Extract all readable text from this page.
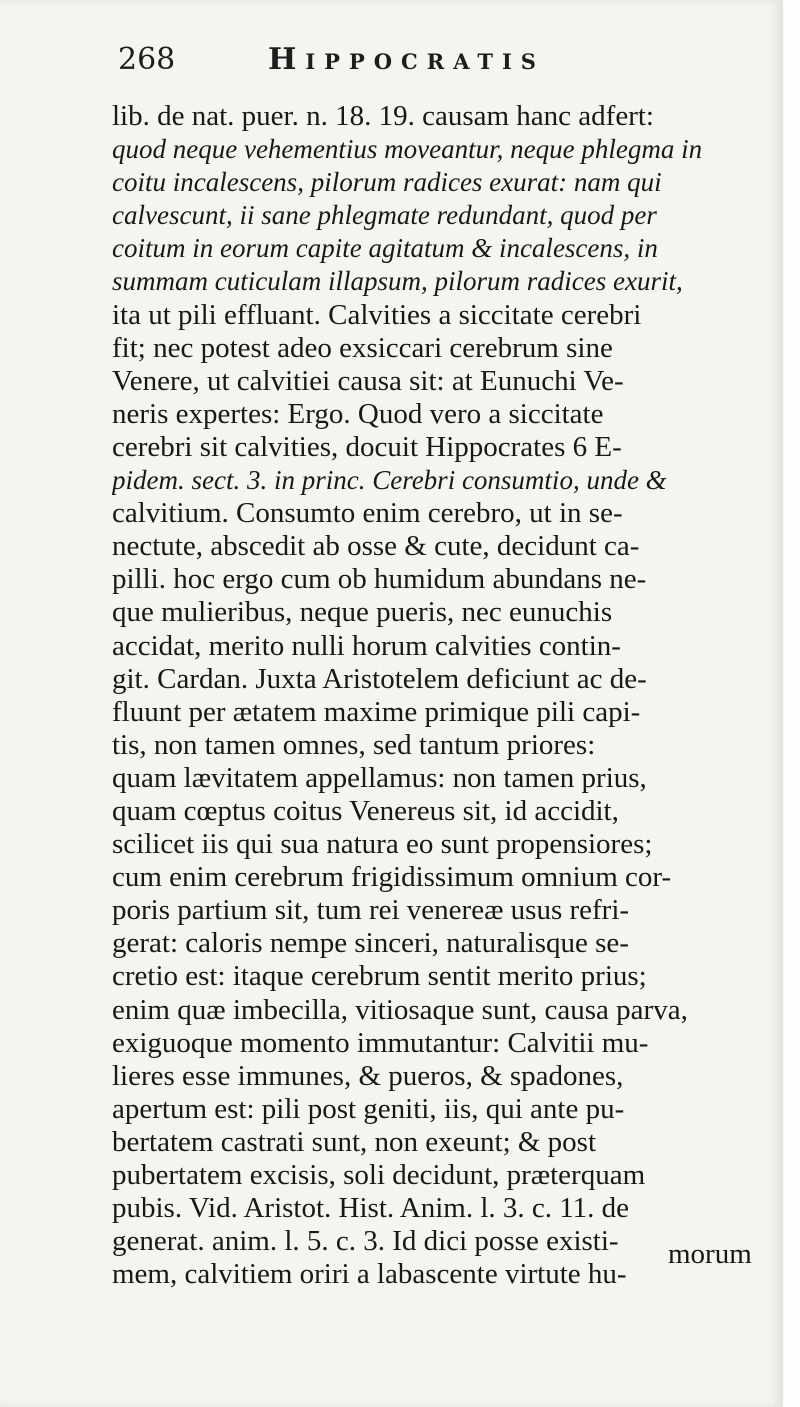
268	Hippocratis
lib. de nat. puer. n. 18. 19. causam hanc adfert:
quod neque vehementius moveantur, neque phlegma in
coitu incalescens, pilorum radices exurat: nam qui
calvescunt, ii sane phlegmate redundant, quod per
coitum in eorum capite agitatum & incalescens, in
summam cuticulam illapsum, pilorum radices exurit,
ita ut pili effluant. Calvities a siccitate cerebri
fit; nec potest adeo exsiccari cerebrum sine
Venere, ut calvitiei causa sit: at Eunuchi Ve-
neris expertes: Ergo. Quod vero a siccitate
cerebri sit calvities, docuit Hippocrates 6 E-
pidem. sect. 3. in princ. Cerebri consumtio, unde &
calvitium. Consumto enim cerebro, ut in se-
nectute, abscedit ab osse & cute, decidunt ca-
pilli. hoc ergo cum ob humidum abundans ne-
que mulieribus, neque pueris, nec eunuchis
accidat, merito nulli horum calvities contin-
git. Cardan. Juxta Aristotelem deficiunt ac de-
fluunt per ætatem maxime primique pili capi-
tis, non tamen omnes, sed tantum priores:
quam lævitatem appellamus: non tamen prius,
quam cœptus coitus Venereus sit, id accidit,
scilicet iis qui sua natura eo sunt propensiores;
cum enim cerebrum frigidissimum omnium cor-
poris partium sit, tum rei venereæ usus refri-
gerat: caloris nempe sinceri, naturalisque se-
cretio est: itaque cerebrum sentit merito prius;
enim quæ imbecilla, vitiosaque sunt, causa parva,
exiguoque momento immutantur: Calvitii mu-
lieres esse immunes, & pueros, & spadones,
apertum est: pili post geniti, iis, qui ante pu-
bertatem castrati sunt, non exeunt; & post
pubertatem excisis, soli decidunt, præterquam
pubis. Vid. Aristot. Hist. Anim. l. 3. c. 11. de
generat. anim. l. 5. c. 3. Id dici posse existi-
mem, calvitiem oriri a labascente virtute hu-
morum
